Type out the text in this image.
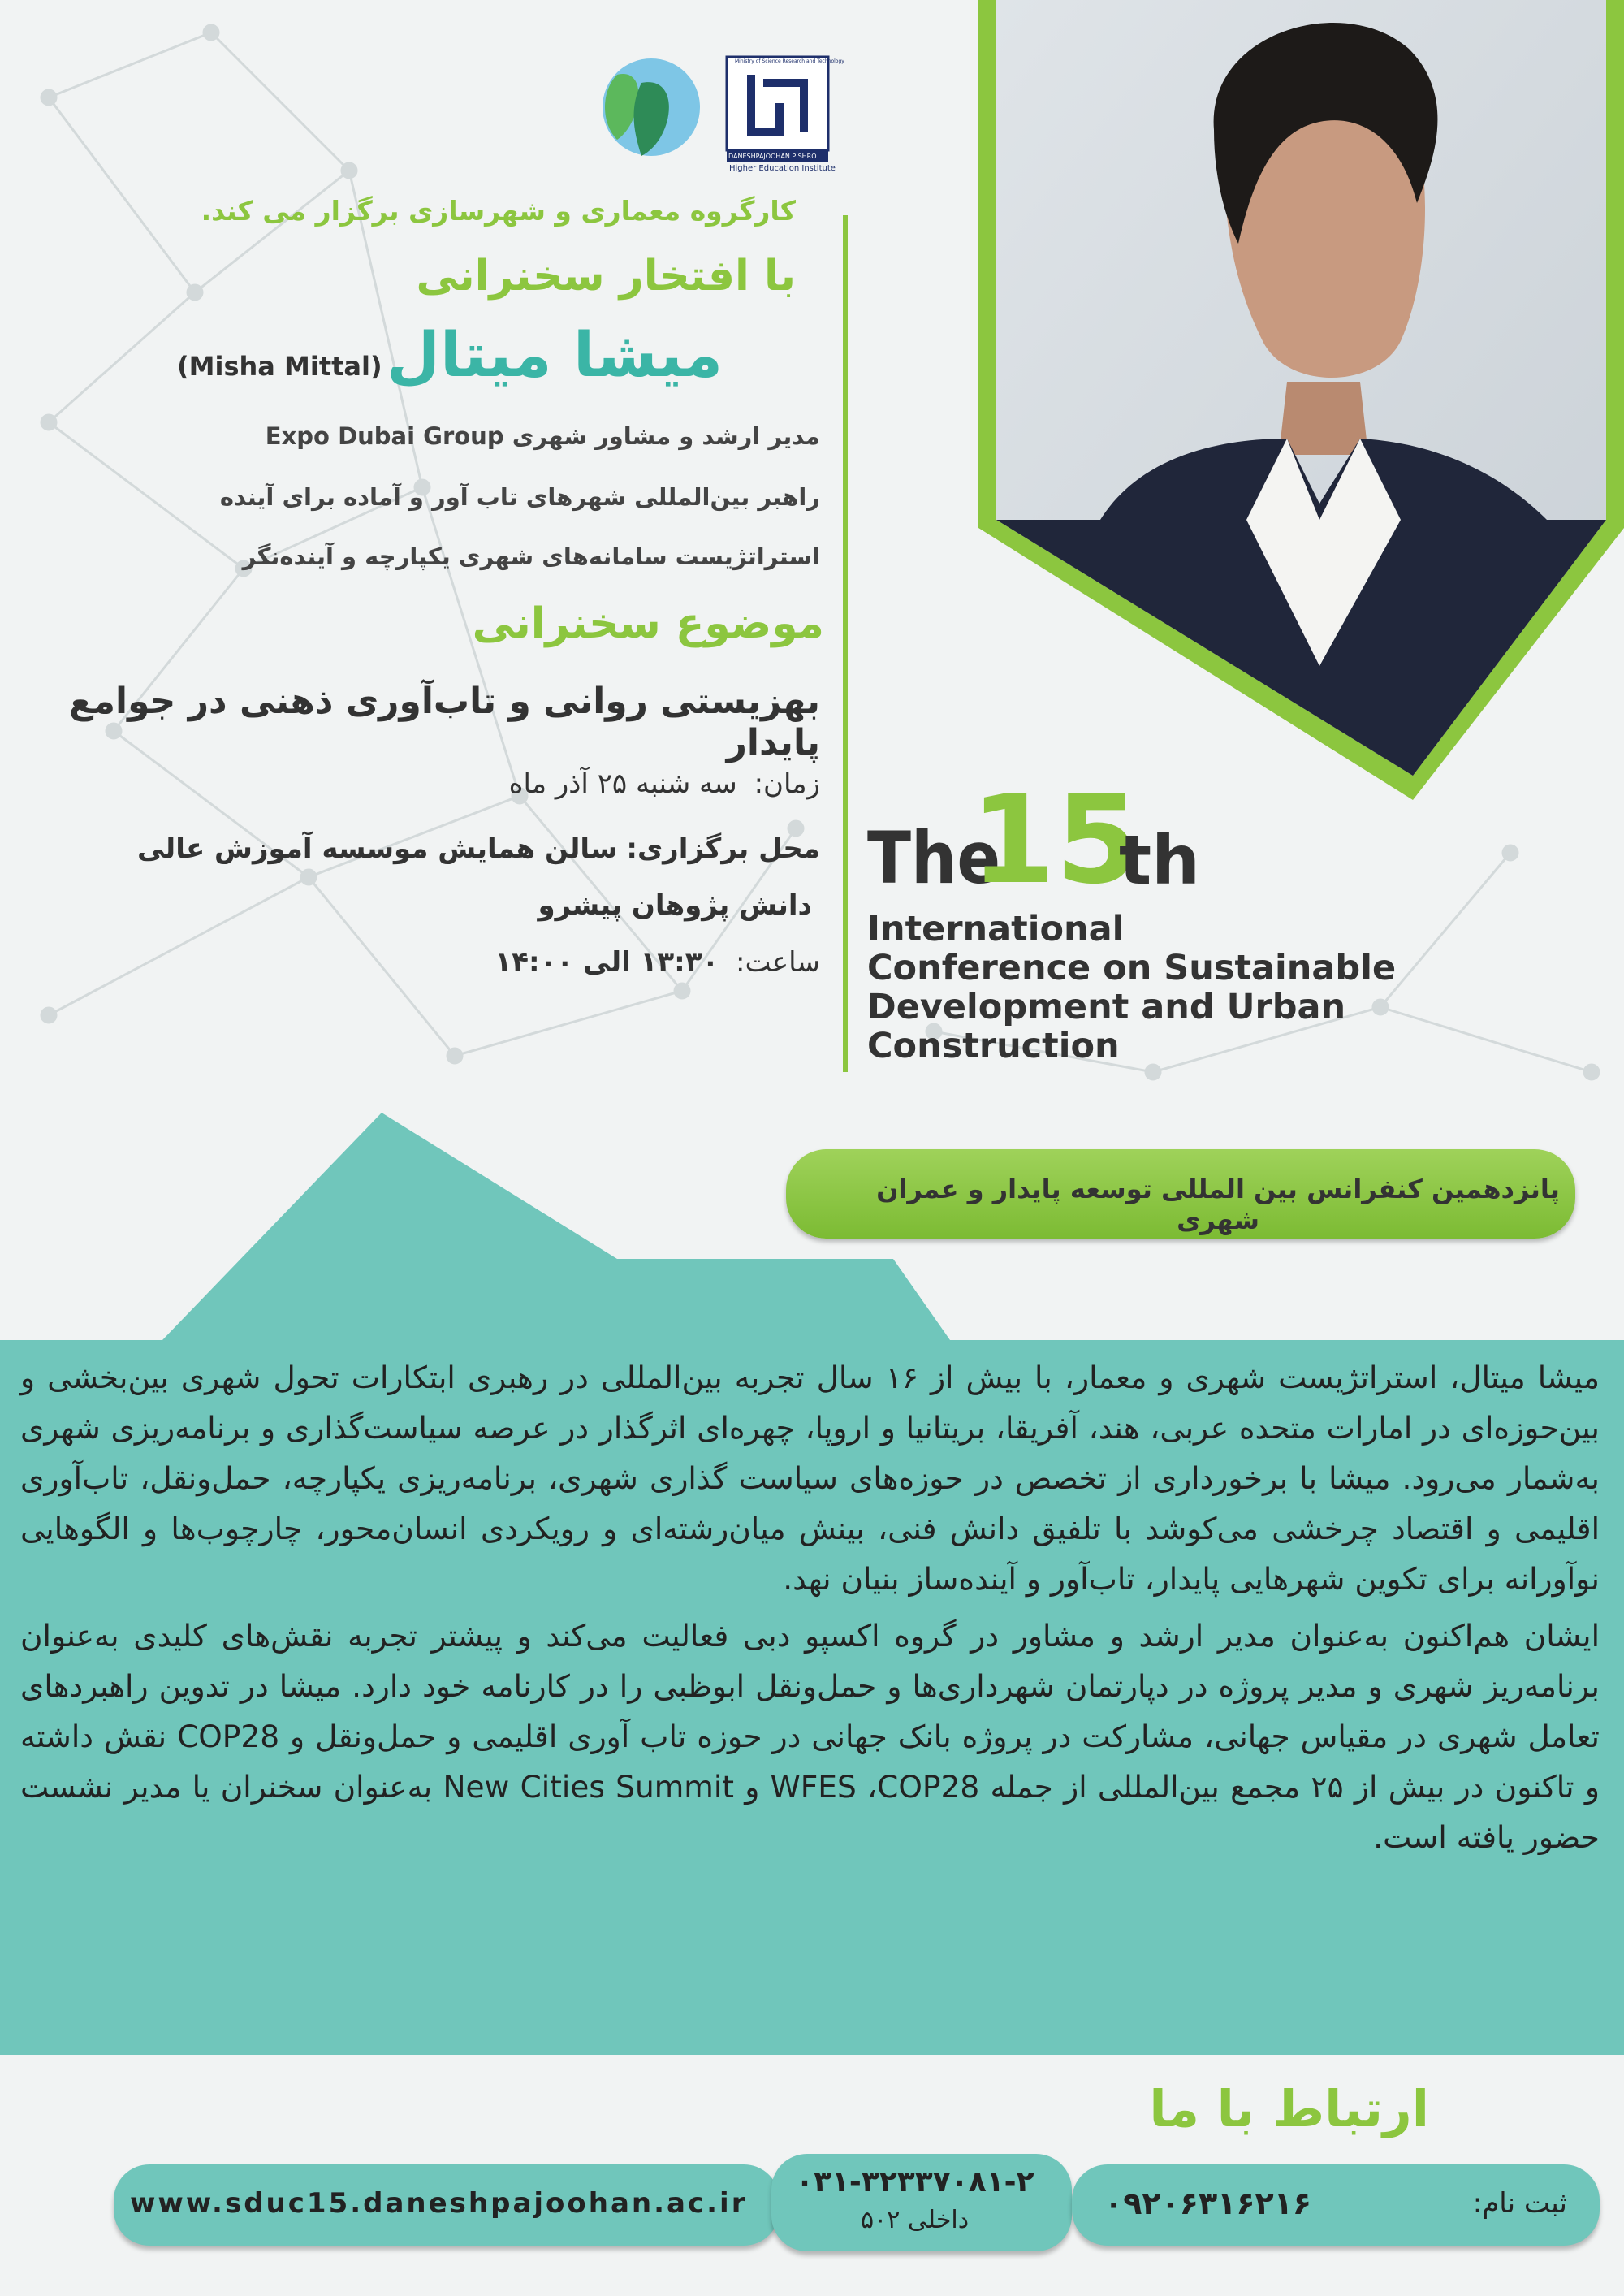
DANESHPAJOOHAN PISHRO
Higher Education Institute
Ministry of Science Research and Technology
کارگروه معماری و شهرسازی برگزار می کند.
با افتخار سخنرانی
میشا میتال
(Misha Mittal)
مدیر ارشد و مشاور شهری Expo Dubai Group
راهبر بین‌المللی شهرهای تاب آور و آماده برای آینده
استراتژیست سامانه‌های شهری یکپارچه و آینده‌نگر
موضوع سخنرانی
بهزیستی روانی و تاب‌آوری ذهنی در جوامع پایدار
زمان: سه شنبه ۲۵ آذر ماه
محل برگزاری: سالن همایش موسسه آموزش عالی
دانش پژوهان پیشرو
ساعت: ۱۳:۳۰ الی ۱۴:۰۰
The
15
th
International
Conference on Sustainable
Development and Urban
Construction
پانزدهمین کنفرانس بین المللی توسعه پایدار و عمران شهری

میشا میتال، استراتژیست شهری و معمار، با بیش از ۱۶ سال تجربه بین‌المللی در رهبری ابتکارات تحول شهری بین‌بخشی و بین‌حوزه‌ای در امارات متحده عربی، هند، آفریقا، بریتانیا و اروپا، چهره‌ای اثرگذار در عرصه سیاست‌گذاری و برنامه‌ریزی شهری به‌شمار می‌رود. میشا با برخورداری از تخصص در حوزه‌های سیاست گذاری شهری، برنامه‌ریزی یکپارچه، حمل‌ونقل، تاب‌آوری اقلیمی و اقتصاد چرخشی می‌کوشد با تلفیق دانش فنی، بینش میان‌رشته‌ای و رویکردی انسان‌محور، چارچوب‌ها و الگوهایی نوآورانه برای تکوین شهرهایی پایدار، تاب‌آور و آینده‌ساز بنیان نهد.

ایشان هم‌اکنون به‌عنوان مدیر ارشد و مشاور در گروه اکسپو دبی فعالیت می‌کند و پیشتر تجربه نقش‌های کلیدی به‌عنوان برنامه‌ریز شهری و مدیر پروژه در دپارتمان شهرداری‌ها و حمل‌ونقل ابوظبی را در کارنامه خود دارد. میشا در تدوین راهبردهای تعامل شهری در مقیاس جهانی، مشارکت در پروژه بانک جهانی در حوزه تاب آوری اقلیمی و حمل‌ونقل و COP28 نقش داشته و تاکنون در بیش از ۲۵ مجمع بین‌المللی از جمله WFES ،COP28 و New Cities Summit به‌عنوان سخنران یا مدیر نشست حضور یافته است.

ارتباط با ما
www.sduc15.daneshpajoohan.ac.ir
۰۳۱-۳۲۳۳۷۰۸۱-۲
داخلی ۵۰۲	۰۹۲۰۶۳۱۶۲۱۶	ثبت نام:
